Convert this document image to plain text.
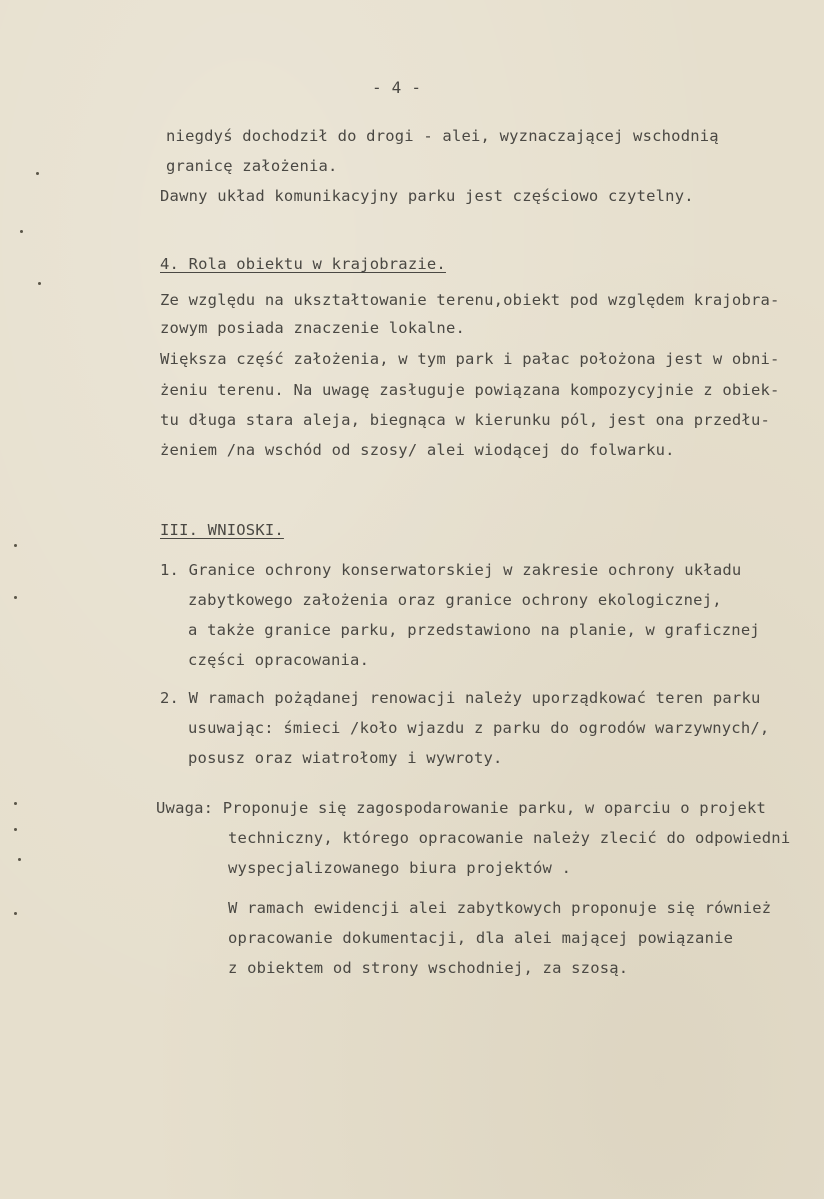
- 4 -
niegdyś dochodził do drogi - alei, wyznaczającej wschodnią
granicę założenia.
Dawny układ komunikacyjny parku jest częściowo czytelny.
4. Rola obiektu w krajobrazie.
Ze względu na ukształtowanie terenu,obiekt pod względem krajobra-
zowym posiada znaczenie lokalne.
Większa część założenia, w tym park i pałac położona jest w obni-
żeniu terenu. Na uwagę zasługuje powiązana kompozycyjnie z obiek-
tu długa stara aleja, biegnąca w kierunku pól, jest ona przedłu-
żeniem /na wschód od szosy/ alei wiodącej do folwarku.
III. WNIOSKI.
1. Granice ochrony konserwatorskiej w zakresie ochrony układu
zabytkowego założenia oraz granice ochrony ekologicznej,
a także granice parku, przedstawiono na planie, w graficznej
części opracowania.
2. W ramach pożądanej renowacji należy uporządkować teren parku
usuwając: śmieci /koło wjazdu z parku do ogrodów warzywnych/,
posusz oraz wiatrołomy i wywroty.
Uwaga: Proponuje się zagospodarowanie parku, w oparciu o projekt
techniczny, którego opracowanie należy zlecić do odpowiedni
wyspecjalizowanego biura projektów .
W ramach ewidencji alei zabytkowych proponuje się również
opracowanie dokumentacji, dla alei mającej powiązanie
z obiektem od strony wschodniej, za szosą.
